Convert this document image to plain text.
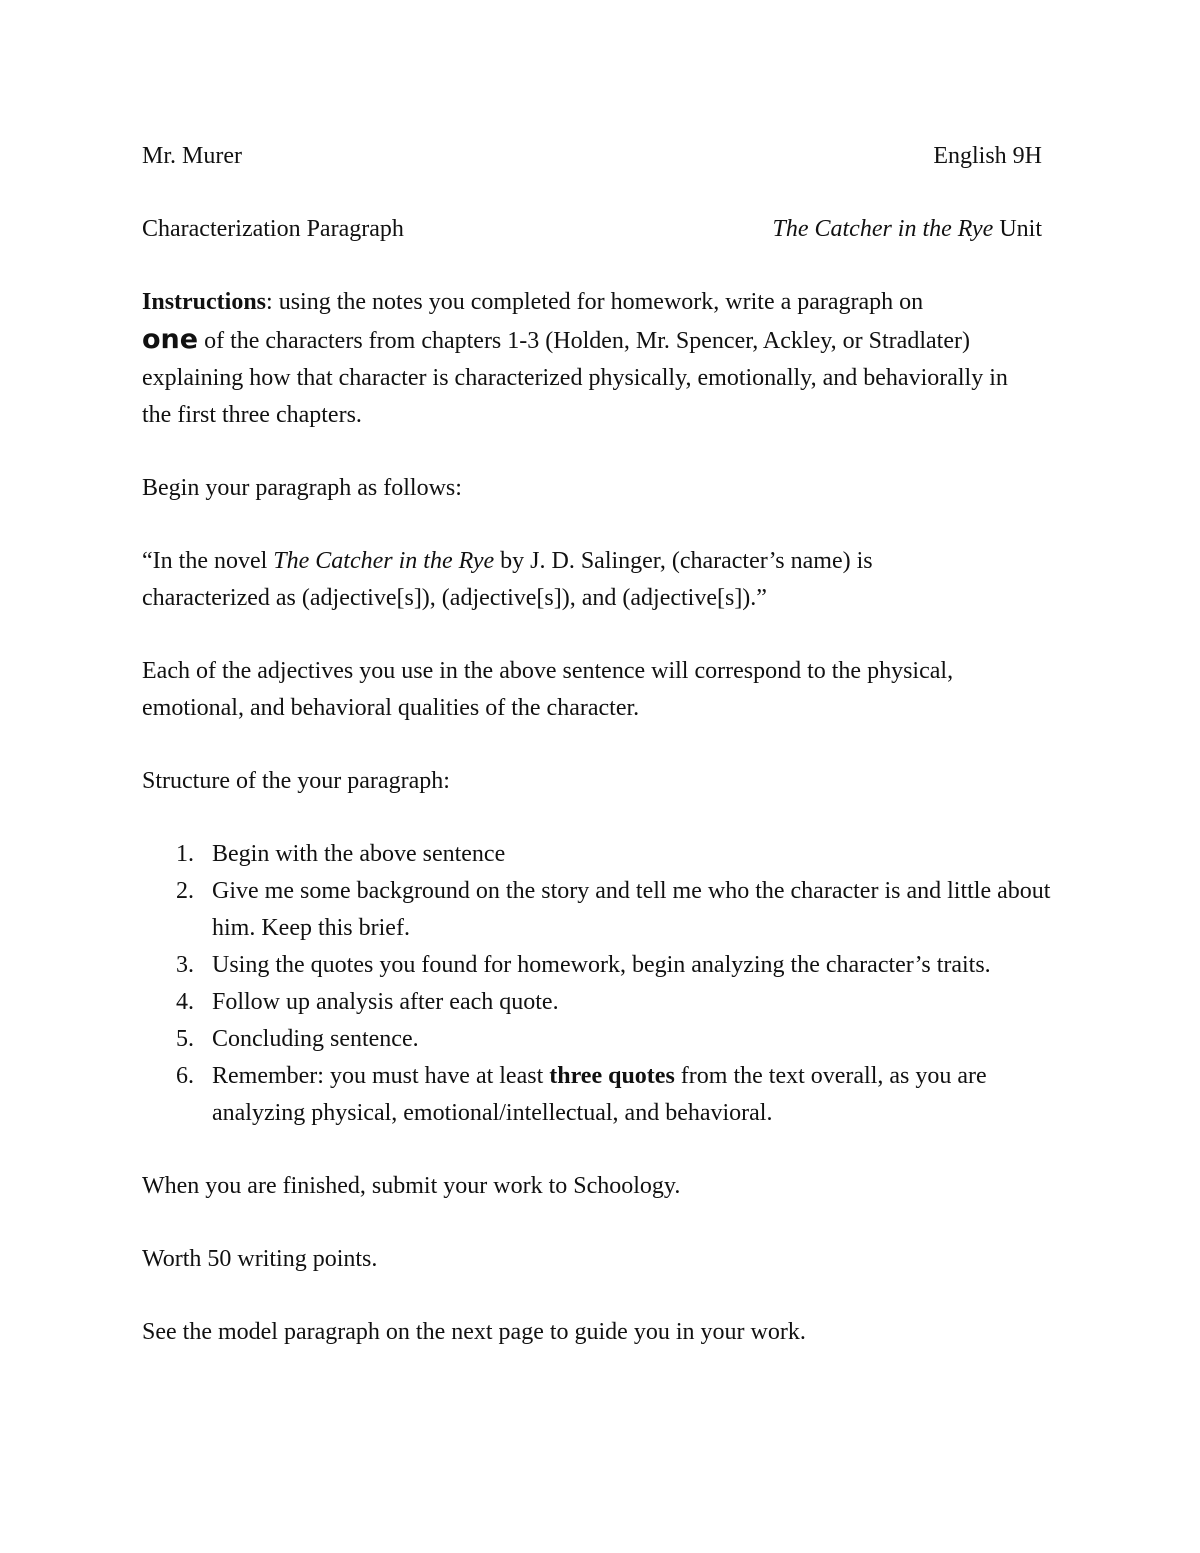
Mr. Murer	English 9H
Characterization Paragraph	The Catcher in the Rye Unit

Instructions: using the notes you completed for homework, write a paragraph on
one of the characters from chapters 1-3 (Holden, Mr. Spencer, Ackley, or Stradlater) explaining how that character is characterized physically, emotionally, and behaviorally in the first three chapters.

Begin your paragraph as follows:

“In the novel The Catcher in the Rye by J. D. Salinger, (character’s name) is characterized as (adjective[s]), (adjective[s]), and (adjective[s]).”

Each of the adjectives you use in the above sentence will correspond to the physical, emotional, and behavioral qualities of the character.

Structure of the your paragraph:

1. Begin with the above sentence
2. Give me some background on the story and tell me who the character is and little about him. Keep this brief.
3. Using the quotes you found for homework, begin analyzing the character’s traits.
4. Follow up analysis after each quote.
5. Concluding sentence.
6. Remember: you must have at least three quotes from the text overall, as you are analyzing physical, emotional/intellectual, and behavioral.

When you are finished, submit your work to Schoology.

Worth 50 writing points.

See the model paragraph on the next page to guide you in your work.
